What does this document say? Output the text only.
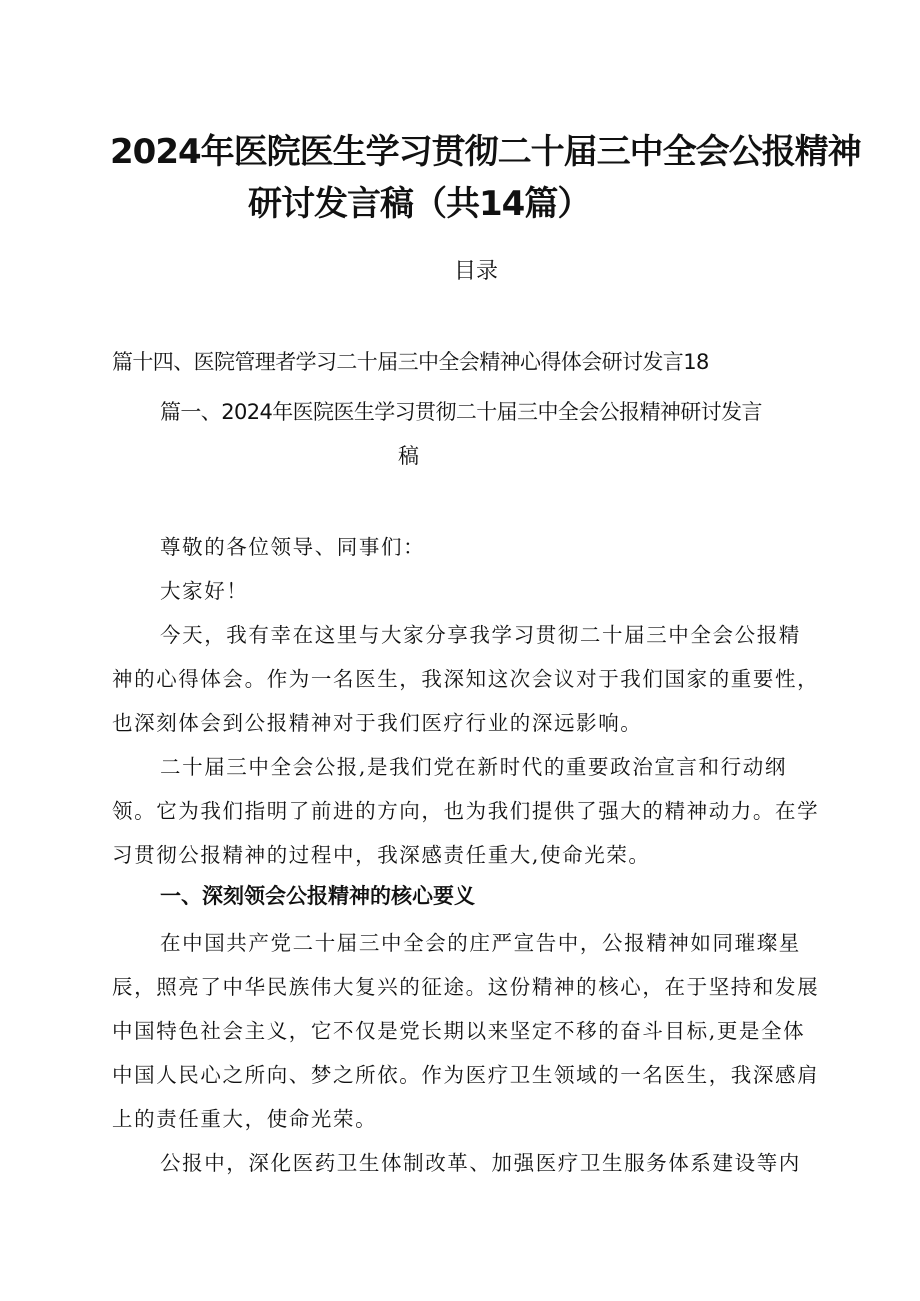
2024年医院医生学习贯彻二十届三中全会公报精神
研讨发言稿（共14篇）
目录
篇十四、医院管理者学习二十届三中全会精神心得体会研讨发言18
篇一、2024年医院医生学习贯彻二十届三中全会公报精神研讨发言
稿
尊敬的各位领导、同事们：
大家好！
今天，我有幸在这里与大家分享我学习贯彻二十届三中全会公报精
神的心得体会。作为一名医生，我深知这次会议对于我们国家的重要性，
也深刻体会到公报精神对于我们医疗行业的深远影响。
二十届三中全会公报,是我们党在新时代的重要政治宣言和行动纲
领。它为我们指明了前进的方向，也为我们提供了强大的精神动力。在学
习贯彻公报精神的过程中，我深感责任重大,使命光荣。
一、深刻领会公报精神的核心要义
在中国共产党二十届三中全会的庄严宣告中，公报精神如同璀璨星
辰，照亮了中华民族伟大复兴的征途。这份精神的核心，在于坚持和发展
中国特色社会主义，它不仅是党长期以来坚定不移的奋斗目标,更是全体
中国人民心之所向、梦之所依。作为医疗卫生领域的一名医生，我深感肩
上的责任重大，使命光荣。
公报中，深化医药卫生体制改革、加强医疗卫生服务体系建设等内
